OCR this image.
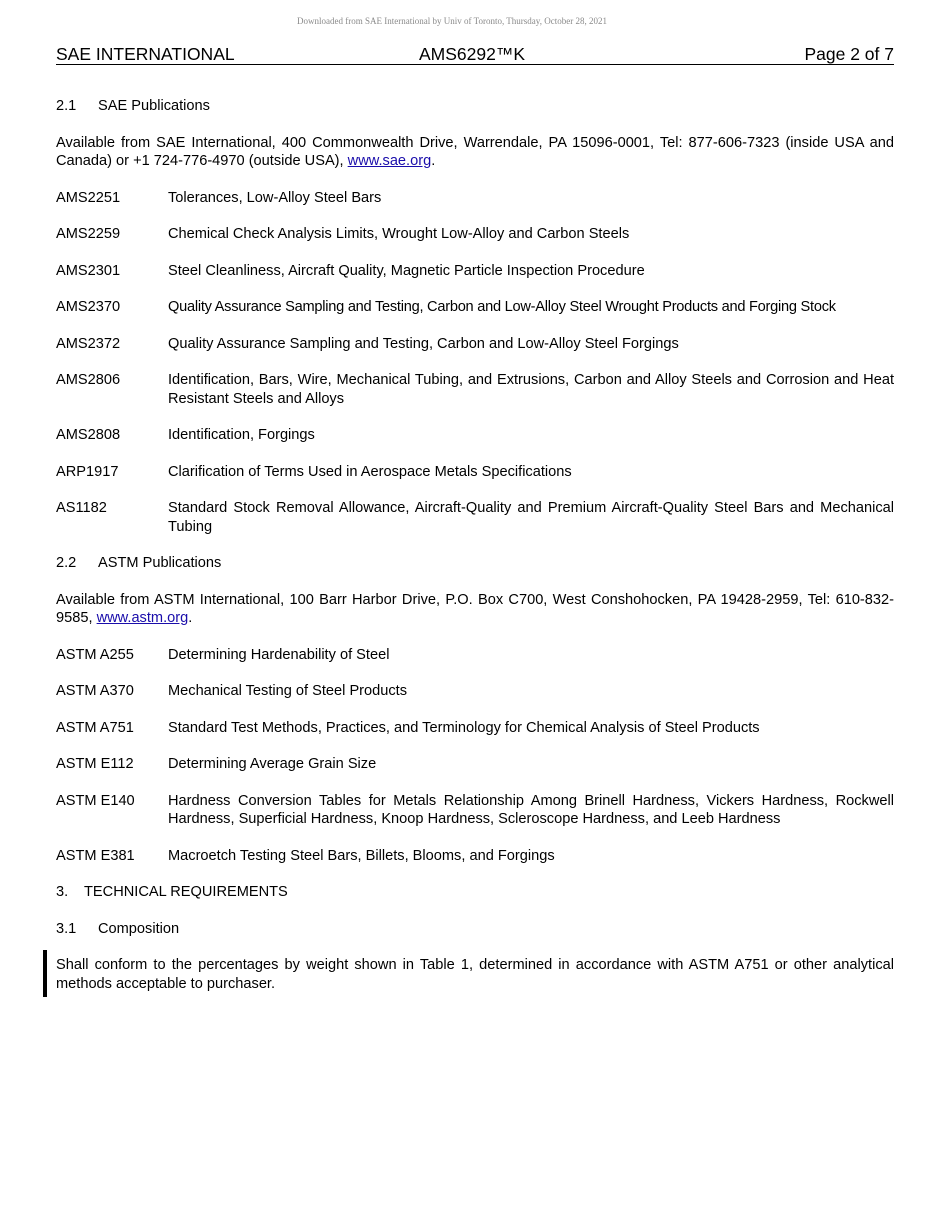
Downloaded from SAE International by Univ of Toronto, Thursday, October 28, 2021
SAE INTERNATIONAL	AMS6292™K	Page 2 of 7
2.1 SAE Publications

Available from SAE International, 400 Commonwealth Drive, Warrendale, PA 15096-0001, Tel: 877-606-7323 (inside USA and Canada) or +1 724-776-4970 (outside USA), www.sae.org.

AMS2251	Tolerances, Low-Alloy Steel Bars
AMS2259	Chemical Check Analysis Limits, Wrought Low-Alloy and Carbon Steels
AMS2301	Steel Cleanliness, Aircraft Quality, Magnetic Particle Inspection Procedure
AMS2370	Quality Assurance Sampling and Testing, Carbon and Low-Alloy Steel Wrought Products and Forging Stock
AMS2372	Quality Assurance Sampling and Testing, Carbon and Low-Alloy Steel Forgings
AMS2806	Identification, Bars, Wire, Mechanical Tubing, and Extrusions, Carbon and Alloy Steels and Corrosion and Heat Resistant Steels and Alloys
AMS2808	Identification, Forgings
ARP1917	Clarification of Terms Used in Aerospace Metals Specifications
AS1182	Standard Stock Removal Allowance, Aircraft-Quality and Premium Aircraft-Quality Steel Bars and Mechanical Tubing
2.2 ASTM Publications

Available from ASTM International, 100 Barr Harbor Drive, P.O. Box C700, West Conshohocken, PA 19428-2959, Tel: 610-832-9585, www.astm.org.

ASTM A255	Determining Hardenability of Steel
ASTM A370	Mechanical Testing of Steel Products
ASTM A751	Standard Test Methods, Practices, and Terminology for Chemical Analysis of Steel Products
ASTM E112	Determining Average Grain Size
ASTM E140	Hardness Conversion Tables for Metals Relationship Among Brinell Hardness, Vickers Hardness, Rockwell Hardness, Superficial Hardness, Knoop Hardness, Scleroscope Hardness, and Leeb Hardness
ASTM E381	Macroetch Testing Steel Bars, Billets, Blooms, and Forgings
3. TECHNICAL REQUIREMENTS
3.1 Composition

Shall conform to the percentages by weight shown in Table 1, determined in accordance with ASTM A751 or other analytical methods acceptable to purchaser.
